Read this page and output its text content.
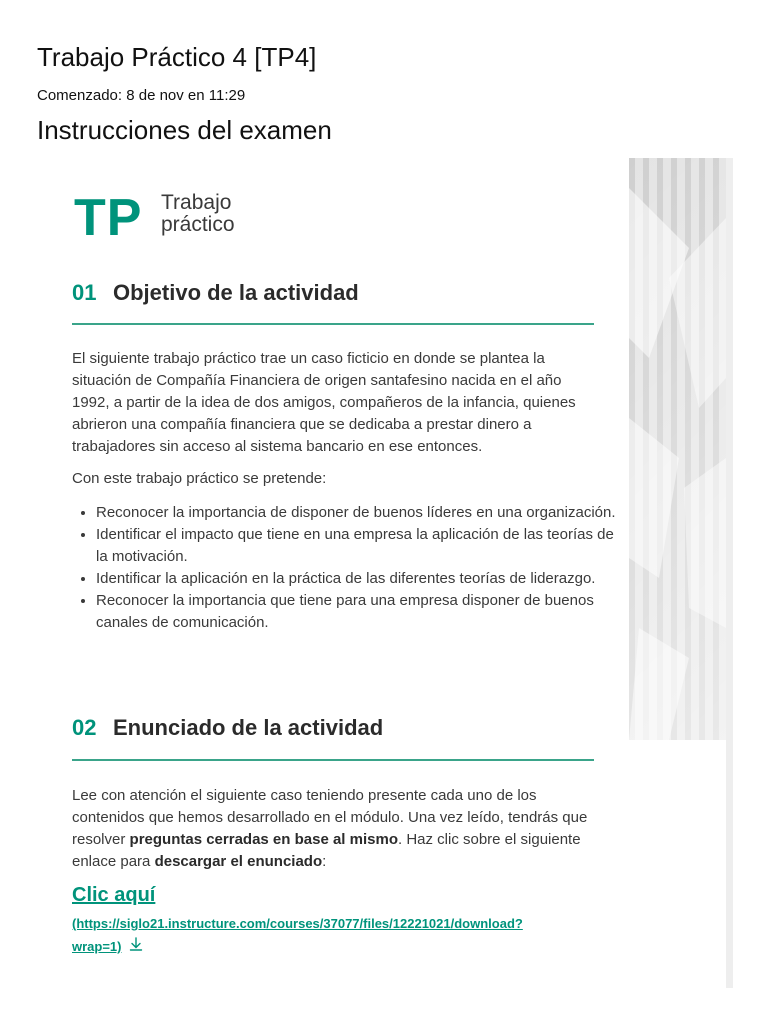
Trabajo Práctico 4 [TP4]
Comenzado: 8 de nov en 11:29
Instrucciones del examen
TP Trabajo
práctico
01 Objetivo de la actividad

El siguiente trabajo práctico trae un caso ficticio en donde se plantea la situación de Compañía Financiera de origen santafesino nacida en el año 1992, a partir de la idea de dos amigos, compañeros de la infancia, quienes abrieron una compañía financiera que se dedicaba a prestar dinero a trabajadores sin acceso al sistema bancario en ese entonces.

Con este trabajo práctico se pretende:

• Reconocer la importancia de disponer de buenos líderes en una organización.
• Identificar el impacto que tiene en una empresa la aplicación de las teorías de la motivación.
• Identificar la aplicación en la práctica de las diferentes teorías de liderazgo.
• Reconocer la importancia que tiene para una empresa disponer de buenos canales de comunicación.
02 Enunciado de la actividad

Lee con atención el siguiente caso teniendo presente cada uno de los contenidos que hemos desarrollado en el módulo. Una vez leído, tendrás que resolver preguntas cerradas en base al mismo. Haz clic sobre el siguiente enlace para descargar el enunciado:

Clic aquí
(https://siglo21.instructure.com/courses/37077/files/12221021/download?wrap=1)
